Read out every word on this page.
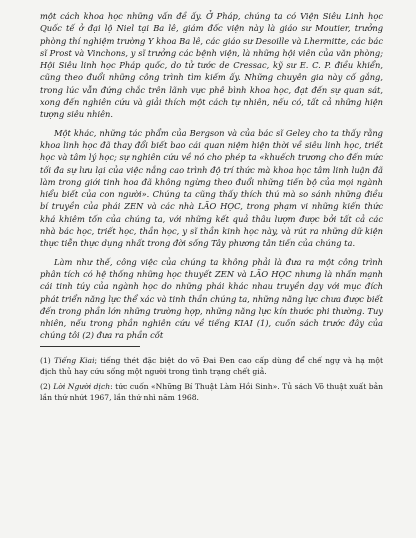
một cách khoa học những vấn đề ấy. Ở Pháp, chúng ta có Viện Siêu Linh học Quốc tế ở đại lộ Niel tại Ba lê, giám đốc viện này là giáo sư Moutier, trưởng phòng thí nghiệm trường Y khoa Ba lê, các giáo sư Desoille và Lhermitte, các bác sĩ Prost và Vinchons, y sĩ trưởng các bệnh viện, là những hội viên của văn phòng; Hội Siêu linh học Pháp quốc, do tử tước de Cressac, kỹ sư E. C. P. điều khiển, cũng theo đuổi những công trình tìm kiếm ấy. Những chuyên gia này cố gắng, trong lúc vẫn đứng chắc trên lãnh vực phê bình khoa học, đạt đến sự quan sát, xong đến nghiên cứu và giải thích một cách tự nhiên, nếu có, tất cả những hiện tượng siêu nhiên.

Một khác, những tác phẩm của Bergson và của bác sĩ Geley cho ta thấy rằng khoa linh học đã thay đổi biết bao cái quan niệm hiện thời về siêu linh học, triết học và tâm lý học; sự nghiên cứu về nó cho phép ta «khuếch trương cho đến mức tối đa sự lưu lại của việc nắng cao trình độ trí thức mà khoa học tâm linh luận đã làm trong giới tinh hoa đã không ngừng theo đuổi những tiến bộ của mọi ngành hiểu biết của con người». Chúng ta cũng thấy thích thú mà so sánh những điều bí truyền của phái ZEN và các nhà LÃO HỌC, trong phạm vi những kiến thức khá khiêm tốn của chúng ta, với những kết quả thâu lượm được bởi tất cả các nhà bác học, triết học, thần học, y sĩ thần kinh học này, và rút ra những dữ kiện thực tiễn thực dụng nhất trong đời sống Tây phương tân tiến của chúng ta.

Làm như thế, công việc của chúng ta không phải là đưa ra một công trình phân tích có hệ thống những học thuyết ZEN và LÃO HỌC nhưng là nhấn mạnh cái tinh túy của ngành học do những phái khác nhau truyền dạy với mục đích phát triển năng lực thể xác và tinh thần chúng ta, những năng lực chưa được biết đến trong phần lớn những trường hợp, những năng lực kín thước phi thường. Tuy nhiên, nếu trong phần nghiên cứu về tiếng KIAI (1), cuốn sách trước đây của chúng tôi (2) đưa ra phần cốt

(1) Tiếng Kiai; tiếng thét đặc biệt do võ Đai Đen cao cấp dùng để chế ngự và hạ một địch thủ hay cứu sống một người trong tình trạng chết giả.

(2) Lời Người dịch: tức cuốn «Những Bí Thuật Làm Hồi Sinh». Tủ sách Võ thuật xuất bản lần thứ nhứt 1967, lần thứ nhì năm 1968.
